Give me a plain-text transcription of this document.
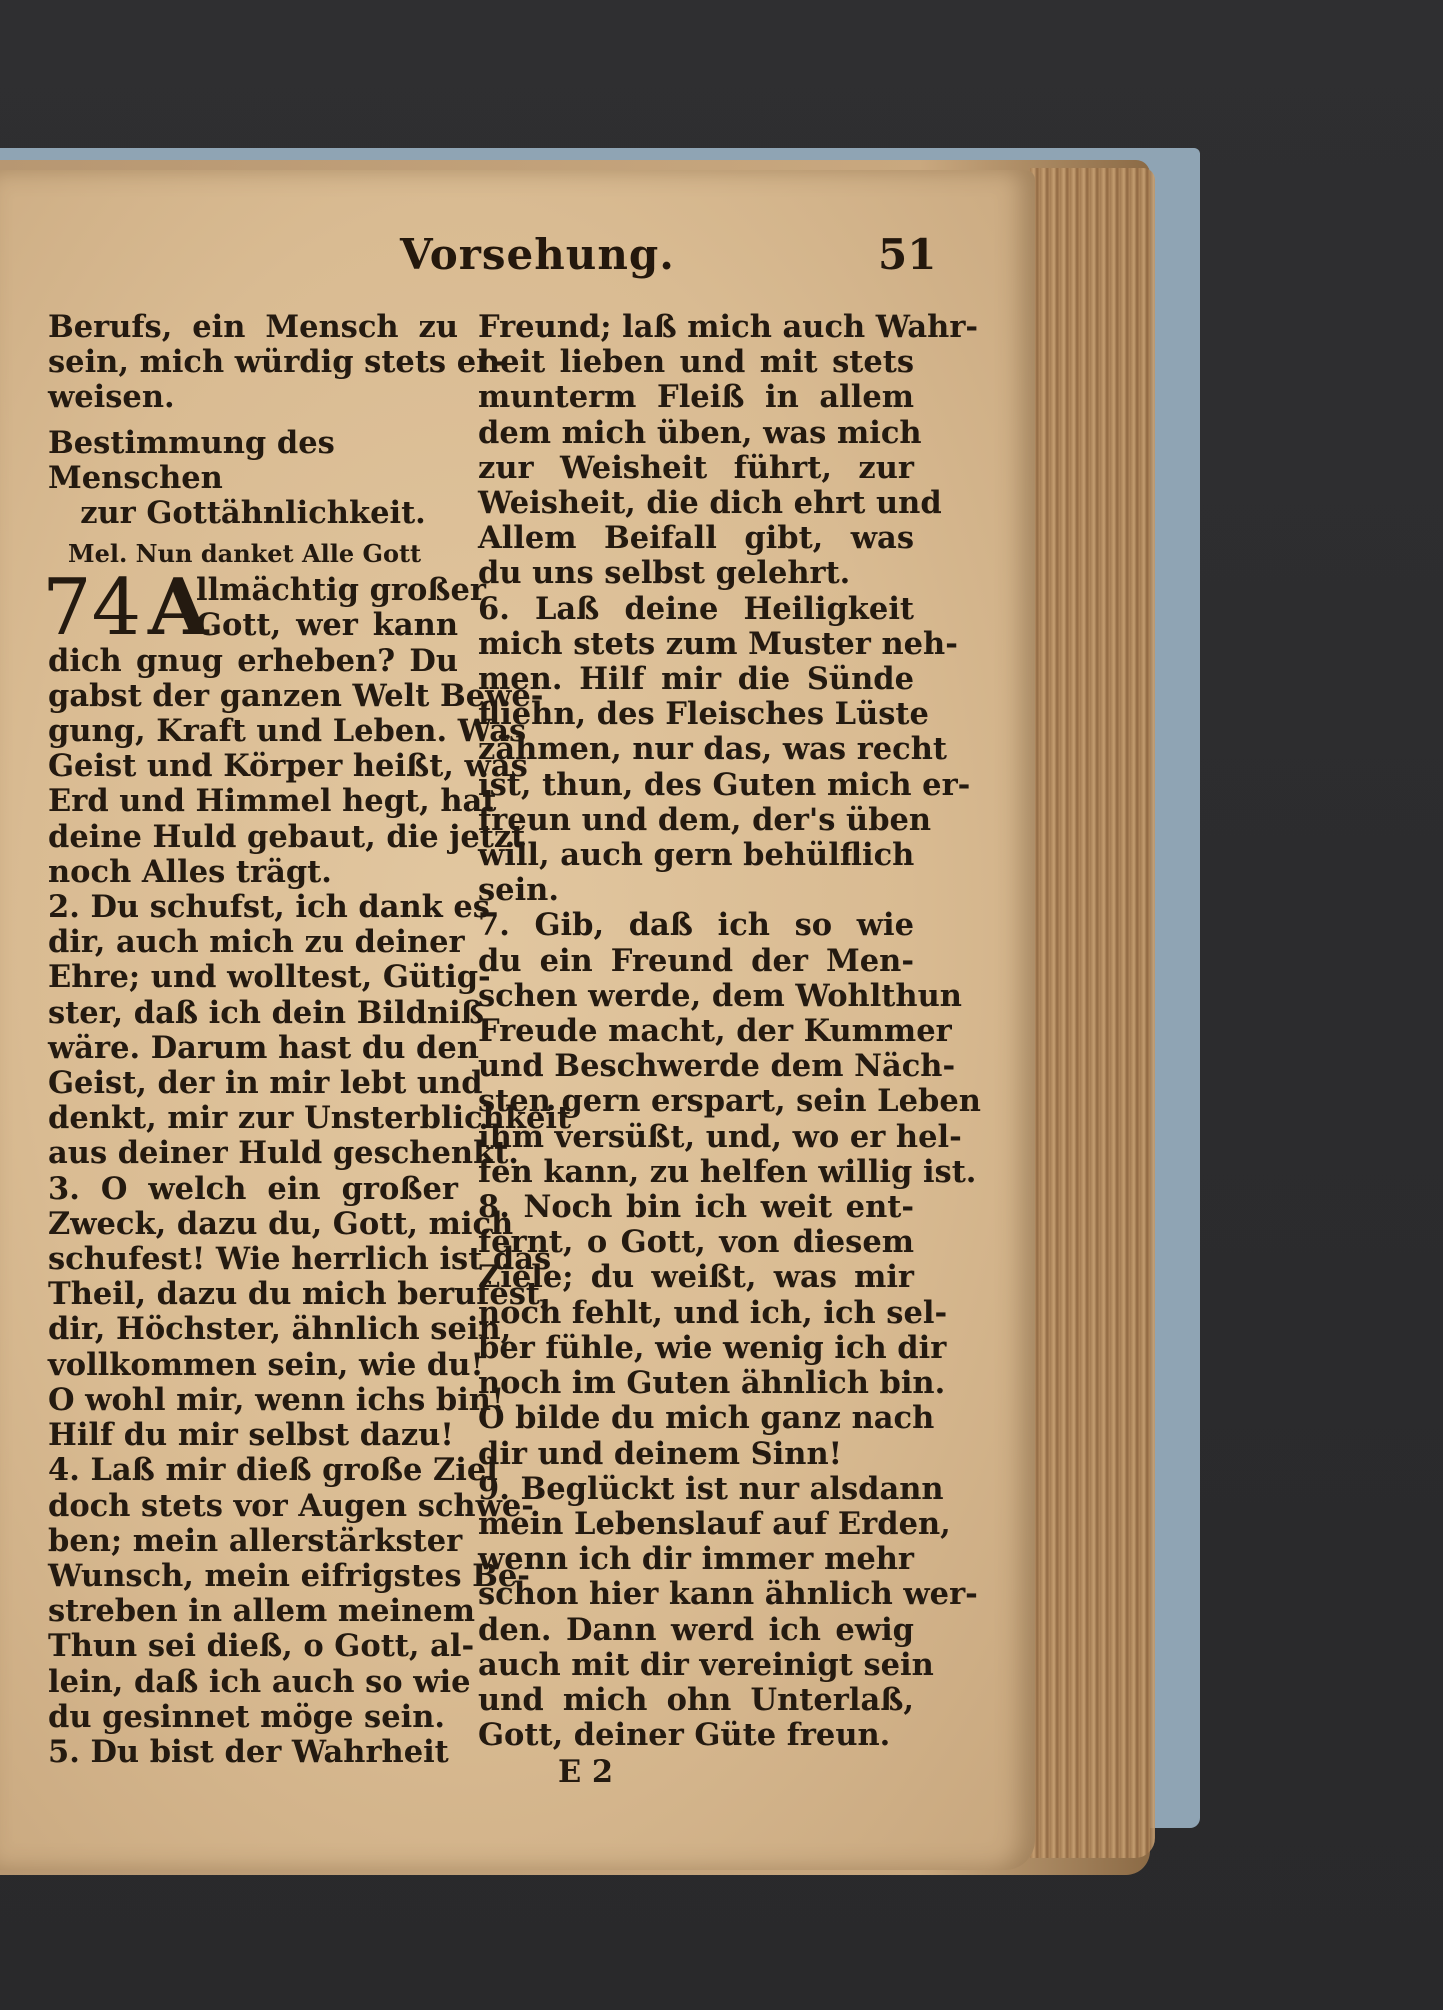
Vorsehung.	51
Berufs, ein Mensch zu
sein, mich würdig stets er-
weisen.
Bestimmung des Menschen
zur Gottähnlichkeit.
Mel. Nun danket Alle Gott
74 A
llmächtig großer
Gott, wer kann
dich gnug erheben? Du
gabst der ganzen Welt Bewe-
gung, Kraft und Leben. Was
Geist und Körper heißt, was
Erd und Himmel hegt, hat
deine Huld gebaut, die jetzt
noch Alles trägt.
2. Du schufst, ich dank es
dir, auch mich zu deiner
Ehre; und wolltest, Gütig-
ster, daß ich dein Bildniß
wäre. Darum hast du den
Geist, der in mir lebt und
denkt, mir zur Unsterblichkeit
aus deiner Huld geschenkt.
3. O welch ein großer
Zweck, dazu du, Gott, mich
schufest! Wie herrlich ist das
Theil, dazu du mich berufest,
dir, Höchster, ähnlich sein,
vollkommen sein, wie du!
O wohl mir, wenn ichs bin!
Hilf du mir selbst dazu!
4. Laß mir dieß große Ziel
doch stets vor Augen schwe-
ben; mein allerstärkster
Wunsch, mein eifrigstes Be-
streben in allem meinem
Thun sei dieß, o Gott, al-
lein, daß ich auch so wie
du gesinnet möge sein.
5. Du bist der Wahrheit
Freund; laß mich auch Wahr-
heit lieben und mit stets
munterm Fleiß in allem
dem mich üben, was mich
zur Weisheit führt, zur
Weisheit, die dich ehrt und
Allem Beifall gibt, was
du uns selbst gelehrt.
6. Laß deine Heiligkeit
mich stets zum Muster neh-
men. Hilf mir die Sünde
fliehn, des Fleisches Lüste
zähmen, nur das, was recht
ist, thun, des Guten mich er-
freun und dem, der's üben
will, auch gern behülflich
sein.
7. Gib, daß ich so wie
du ein Freund der Men-
schen werde, dem Wohlthun
Freude macht, der Kummer
und Beschwerde dem Näch-
sten gern erspart, sein Leben
ihm versüßt, und, wo er hel-
fen kann, zu helfen willig ist.
8. Noch bin ich weit ent-
fernt, o Gott, von diesem
Ziele; du weißt, was mir
noch fehlt, und ich, ich sel-
ber fühle, wie wenig ich dir
noch im Guten ähnlich bin.
O bilde du mich ganz nach
dir und deinem Sinn!
9. Beglückt ist nur alsdann
mein Lebenslauf auf Erden,
wenn ich dir immer mehr
schon hier kann ähnlich wer-
den. Dann werd ich ewig
auch mit dir vereinigt sein
und mich ohn Unterlaß,
Gott, deiner Güte freun.
E 2
